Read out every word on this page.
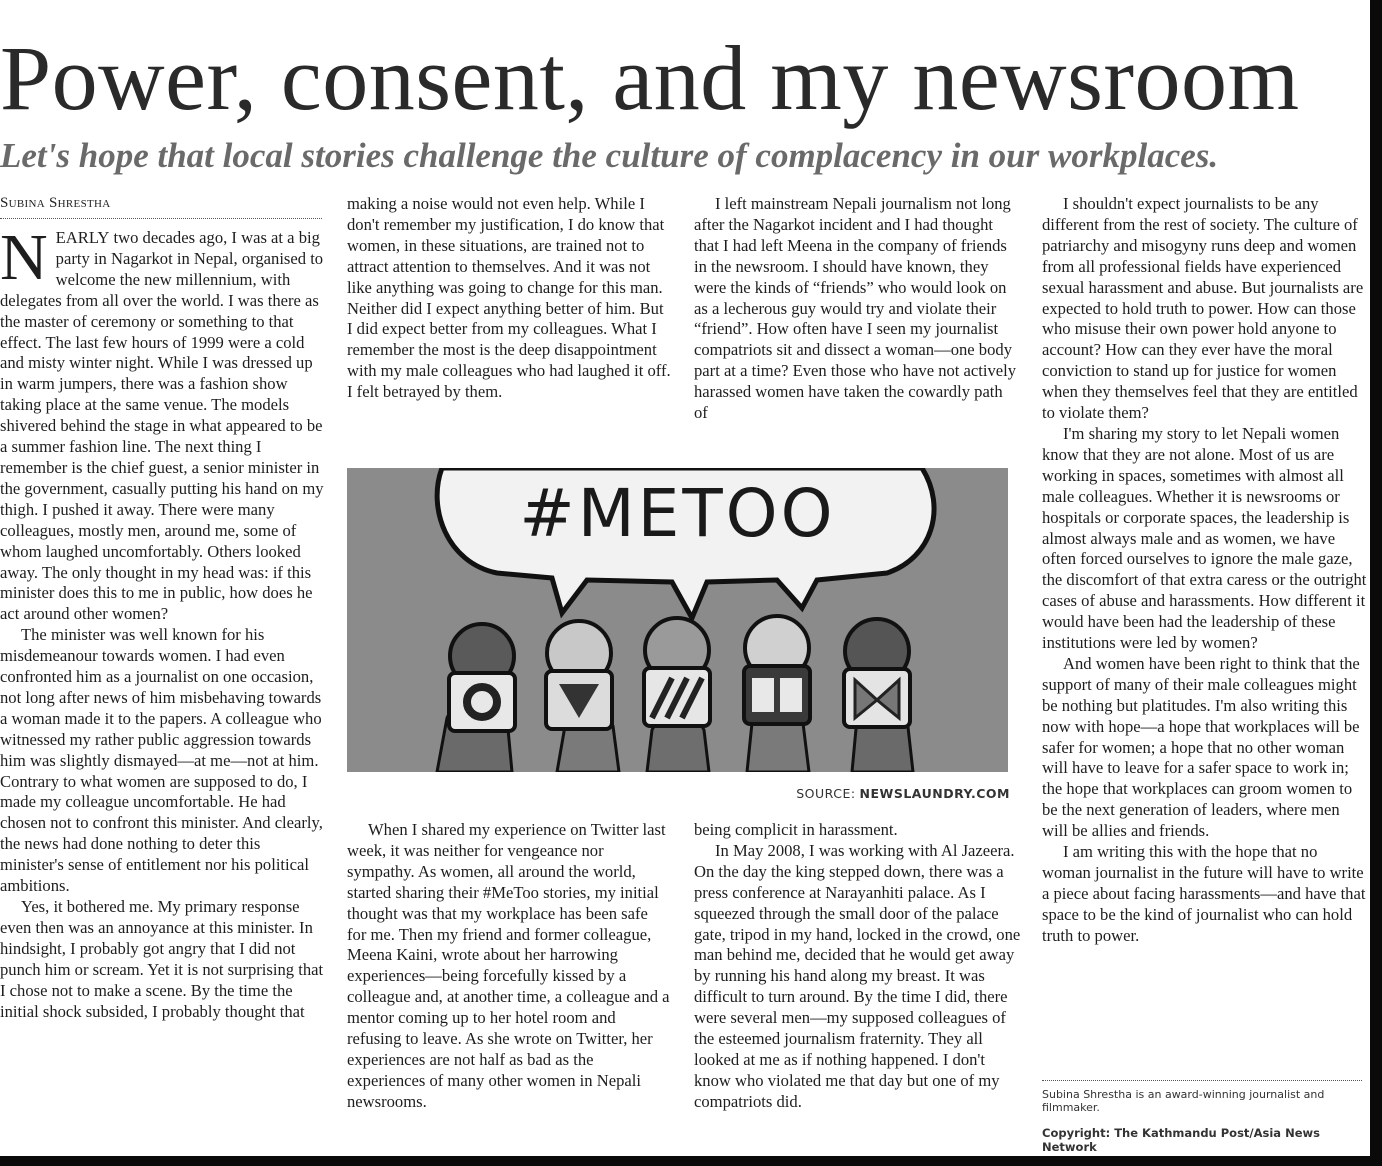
Power, consent, and my newsroom
Let's hope that local stories challenge the culture of complacency in our workplaces.
Subina Shrestha

NEARLY two decades ago, I was at a big party in Nagarkot in Nepal, organised to welcome the new millennium, with delegates from all over the world. I was there as the master of ceremony or something to that effect. The last few hours of 1999 were a cold and misty winter night. While I was dressed up in warm jumpers, there was a fashion show taking place at the same venue. The models shivered behind the stage in what appeared to be a summer fashion line. The next thing I remember is the chief guest, a senior minister in the government, casually putting his hand on my thigh. I pushed it away. There were many colleagues, mostly men, around me, some of whom laughed uncomfortably. Others looked away. The only thought in my head was: if this minister does this to me in public, how does he act around other women?

The minister was well known for his misdemeanour towards women. I had even confronted him as a journalist on one occasion, not long after news of him misbehaving towards a woman made it to the papers. A colleague who witnessed my rather public aggression towards him was slightly dismayed—at me—not at him. Contrary to what women are supposed to do, I made my colleague uncomfortable. He had chosen not to confront this minister. And clearly, the news had done nothing to deter this minister's sense of entitlement nor his political ambitions.

Yes, it bothered me. My primary response even then was an annoyance at this minister. In hindsight, I probably got angry that I did not punch him or scream. Yet it is not surprising that I chose not to make a scene. By the time the initial shock subsided, I probably thought that

making a noise would not even help. While I don't remember my justification, I do know that women, in these situations, are trained not to attract attention to themselves. And it was not like anything was going to change for this man. Neither did I expect anything better of him. But I did expect better from my colleagues. What I remember the most is the deep disappointment with my male colleagues who had laughed it off. I felt betrayed by them.

I left mainstream Nepali journalism not long after the Nagarkot incident and I had thought that I had left Meena in the company of friends in the newsroom. I should have known, they were the kinds of “friends” who would look on as a lecherous guy would try and violate their “friend”. How often have I seen my journalist compatriots sit and dissect a woman—one body part at a time? Even those who have not actively harassed women have taken the cowardly path of

#METOO
SOURCE: NEWSLAUNDRY.COM

When I shared my experience on Twitter last week, it was neither for vengeance nor sympathy. As women, all around the world, started sharing their #MeToo stories, my initial thought was that my workplace has been safe for me. Then my friend and former colleague, Meena Kaini, wrote about her harrowing experiences—being forcefully kissed by a colleague and, at another time, a colleague and a mentor coming up to her hotel room and refusing to leave. As she wrote on Twitter, her experiences are not half as bad as the experiences of many other women in Nepali newsrooms.

being complicit in harassment.

In May 2008, I was working with Al Jazeera. On the day the king stepped down, there was a press conference at Narayanhiti palace. As I squeezed through the small door of the palace gate, tripod in my hand, locked in the crowd, one man behind me, decided that he would get away by running his hand along my breast. It was difficult to turn around. By the time I did, there were several men—my supposed colleagues of the esteemed journalism fraternity. They all looked at me as if nothing happened. I don't know who violated me that day but one of my compatriots did.

I shouldn't expect journalists to be any different from the rest of society. The culture of patriarchy and misogyny runs deep and women from all professional fields have experienced sexual harassment and abuse. But journalists are expected to hold truth to power. How can those who misuse their own power hold anyone to account? How can they ever have the moral conviction to stand up for justice for women when they themselves feel that they are entitled to violate them?

I'm sharing my story to let Nepali women know that they are not alone. Most of us are working in spaces, sometimes with almost all male colleagues. Whether it is newsrooms or hospitals or corporate spaces, the leadership is almost always male and as women, we have often forced ourselves to ignore the male gaze, the discomfort of that extra caress or the outright cases of abuse and harassments. How different it would have been had the leadership of these institutions were led by women?

And women have been right to think that the support of many of their male colleagues might be nothing but platitudes. I'm also writing this now with hope—a hope that workplaces will be safer for women; a hope that no other woman will have to leave for a safer space to work in; the hope that workplaces can groom women to be the next generation of leaders, where men will be allies and friends.

I am writing this with the hope that no woman journalist in the future will have to write a piece about facing harassments—and have that space to be the kind of journalist who can hold truth to power.

Subina Shrestha is an award-winning journalist and filmmaker.
Copyright: The Kathmandu Post/Asia News Network
